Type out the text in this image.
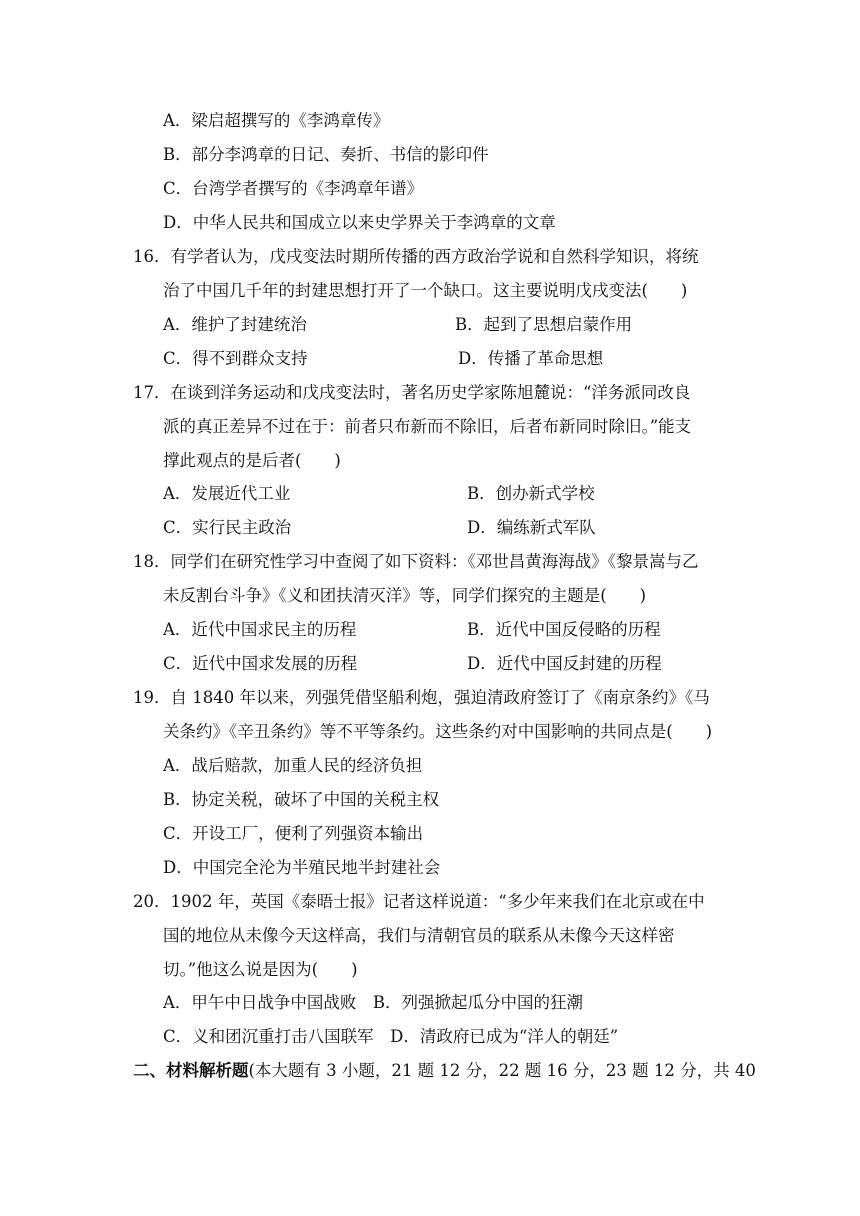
A．梁启超撰写的《李鸿章传》
B．部分李鸿章的日记、奏折、书信的影印件
C．台湾学者撰写的《李鸿章年谱》
D．中华人民共和国成立以来史学界关于李鸿章的文章
16．有学者认为，戊戌变法时期所传播的西方政治学说和自然科学知识，将统
治了中国几千年的封建思想打开了一个缺口。这主要说明戊戌变法(　　)
A．维护了封建统治	B．起到了思想启蒙作用
C．得不到群众支持	D．传播了革命思想
17．在谈到洋务运动和戊戌变法时，著名历史学家陈旭麓说：“洋务派同改良
派的真正差异不过在于：前者只布新而不除旧，后者布新同时除旧。”能支
撑此观点的是后者(　　)
A．发展近代工业	B．创办新式学校
C．实行民主政治	D．编练新式军队
18．同学们在研究性学习中查阅了如下资料：《邓世昌黄海海战》《黎景嵩与乙
未反割台斗争》《义和团扶清灭洋》等，同学们探究的主题是(　　)
A．近代中国求民主的历程	B．近代中国反侵略的历程
C．近代中国求发展的历程	D．近代中国反封建的历程
19．自 1840 年以来，列强凭借坚船利炮，强迫清政府签订了《南京条约》《马
关条约》《辛丑条约》等不平等条约。这些条约对中国影响的共同点是(　　)
A．战后赔款，加重人民的经济负担
B．协定关税，破坏了中国的关税主权
C．开设工厂，便利了列强资本输出
D．中国完全沦为半殖民地半封建社会
20．1902 年，英国《泰晤士报》记者这样说道：“多少年来我们在北京或在中
国的地位从未像今天这样高，我们与清朝官员的联系从未像今天这样密
切。”他这么说是因为(　　)
A．甲午中日战争中国战败　B．列强掀起瓜分中国的狂潮
C．义和团沉重打击八国联军　D．清政府已成为“洋人的朝廷”
二、材料解析题(本大题有 3 小题，21 题 12 分，22 题 16 分，23 题 12 分，共 40
